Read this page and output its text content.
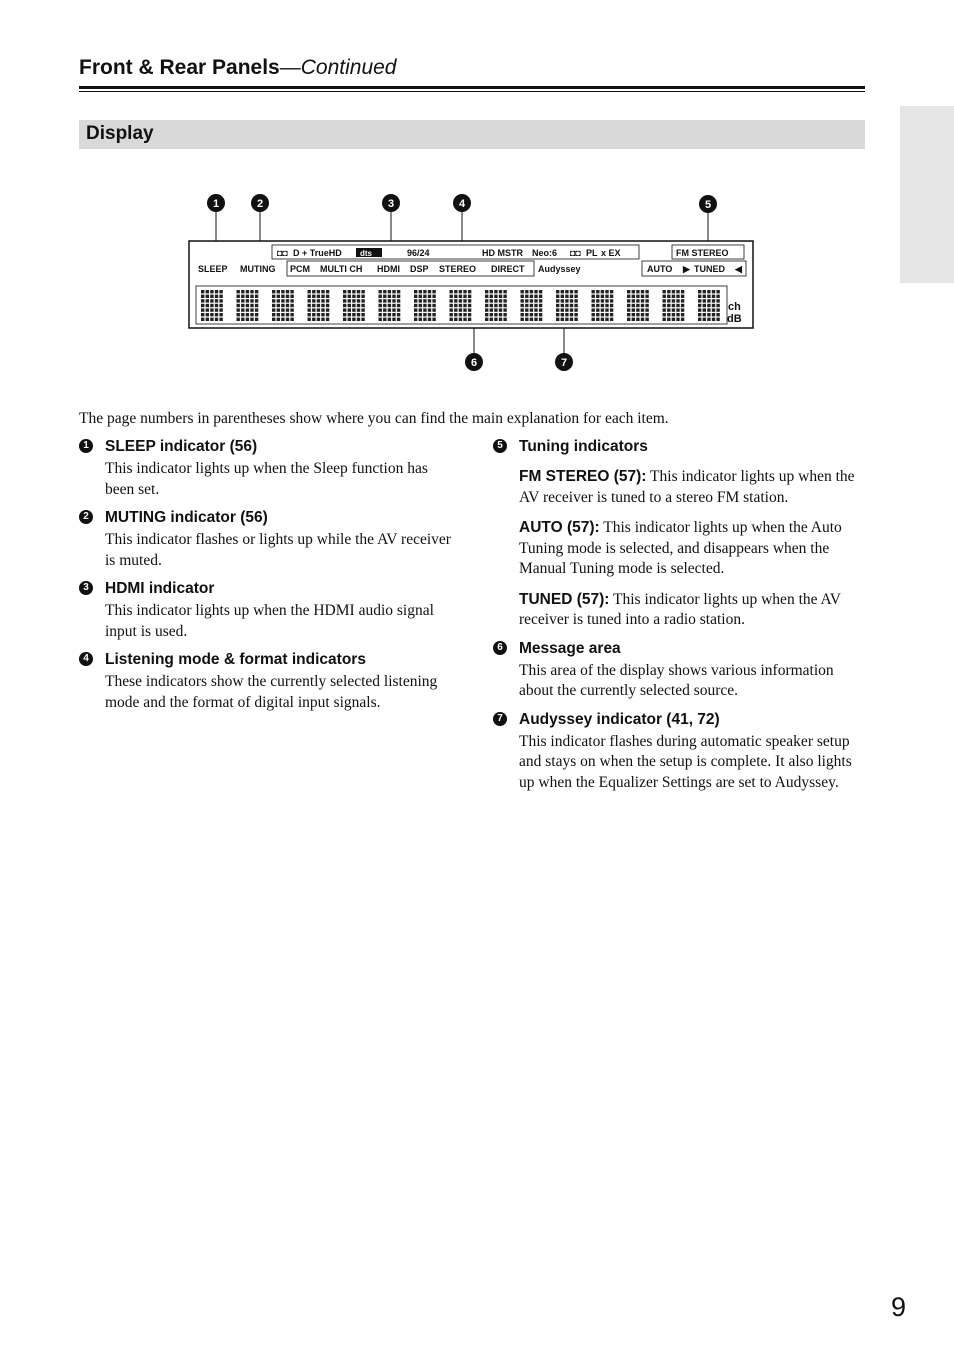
Front & Rear Panels—Continued
Display
1	2	3	4	5
6	7
◘◘ D + TrueHD dts	96/24	HD MSTR Neo:6 ◘◘ PL x EX	FM STEREO
SLEEP MUTING PCM MULTI CH HDMI DSP STEREO DIRECT Audyssey	AUTO ▶ TUNED ◀
ch
dB
The page numbers in parentheses show where you can find the main explanation for each item.
1 SLEEP indicator (56)
This indicator lights up when the Sleep function has been set.
2 MUTING indicator (56)
This indicator flashes or lights up while the AV receiver is muted.
3 HDMI indicator
This indicator lights up when the HDMI audio signal input is used.
4 Listening mode & format indicators
These indicators show the currently selected listening mode and the format of digital input signals.
5 Tuning indicators
FM STEREO (57): This indicator lights up when the AV receiver is tuned to a stereo FM station.
AUTO (57): This indicator lights up when the Auto Tuning mode is selected, and disappears when the Manual Tuning mode is selected.
TUNED (57): This indicator lights up when the AV receiver is tuned into a radio station.
6 Message area
This area of the display shows various information about the currently selected source.
7 Audyssey indicator (41, 72)
This indicator flashes during automatic speaker setup and stays on when the setup is complete. It also lights up when the Equalizer Settings are set to Audyssey.
9
